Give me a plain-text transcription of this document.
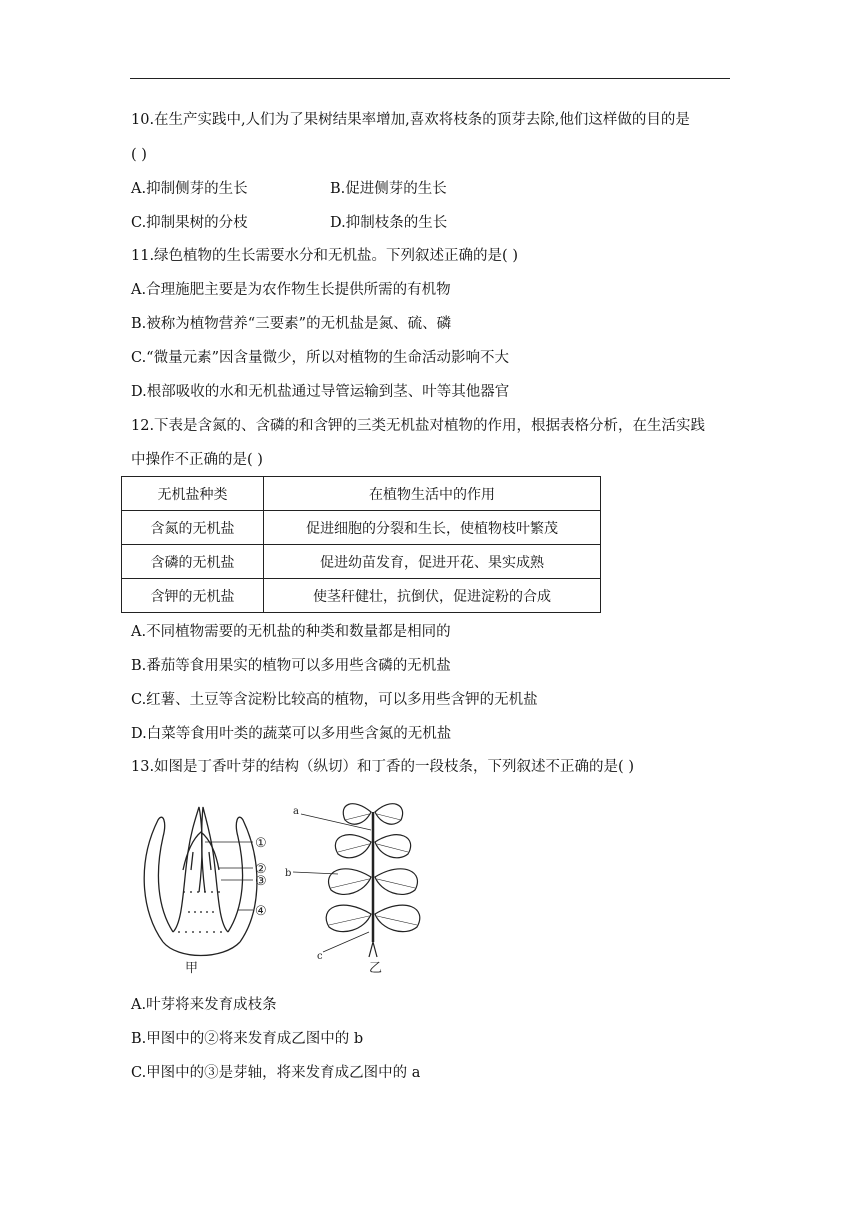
10.在生产实践中,人们为了果树结果率增加,喜欢将枝条的顶芽去除,他们这样做的目的是
( )
A.抑制侧芽的生长	B.促进侧芽的生长
C.抑制果树的分枝	D.抑制枝条的生长
11.绿色植物的生长需要水分和无机盐。下列叙述正确的是( )
A.合理施肥主要是为农作物生长提供所需的有机物
B.被称为植物营养“三要素”的无机盐是氮、硫、磷
C.“微量元素”因含量微少，所以对植物的生命活动影响不大
D.根部吸收的水和无机盐通过导管运输到茎、叶等其他器官
12.下表是含氮的、含磷的和含钾的三类无机盐对植物的作用，根据表格分析，在生活实践
中操作不正确的是( )
无机盐种类	在植物生活中的作用
含氮的无机盐	促进细胞的分裂和生长，使植物枝叶繁茂
含磷的无机盐	促进幼苗发育，促进开花、果实成熟
含钾的无机盐	使茎秆健壮，抗倒伏，促进淀粉的合成
A.不同植物需要的无机盐的种类和数量都是相同的
B.番茄等食用果实的植物可以多用些含磷的无机盐
C.红薯、土豆等含淀粉比较高的植物，可以多用些含钾的无机盐
D.白菜等食用叶类的蔬菜可以多用些含氮的无机盐
13.如图是丁香叶芽的结构（纵切）和丁香的一段枝条，下列叙述不正确的是( )
①
②
③
④
甲	乙
a
b
c
A.叶芽将来发育成枝条
B.甲图中的②将来发育成乙图中的 b
C.甲图中的③是芽轴，将来发育成乙图中的 a
